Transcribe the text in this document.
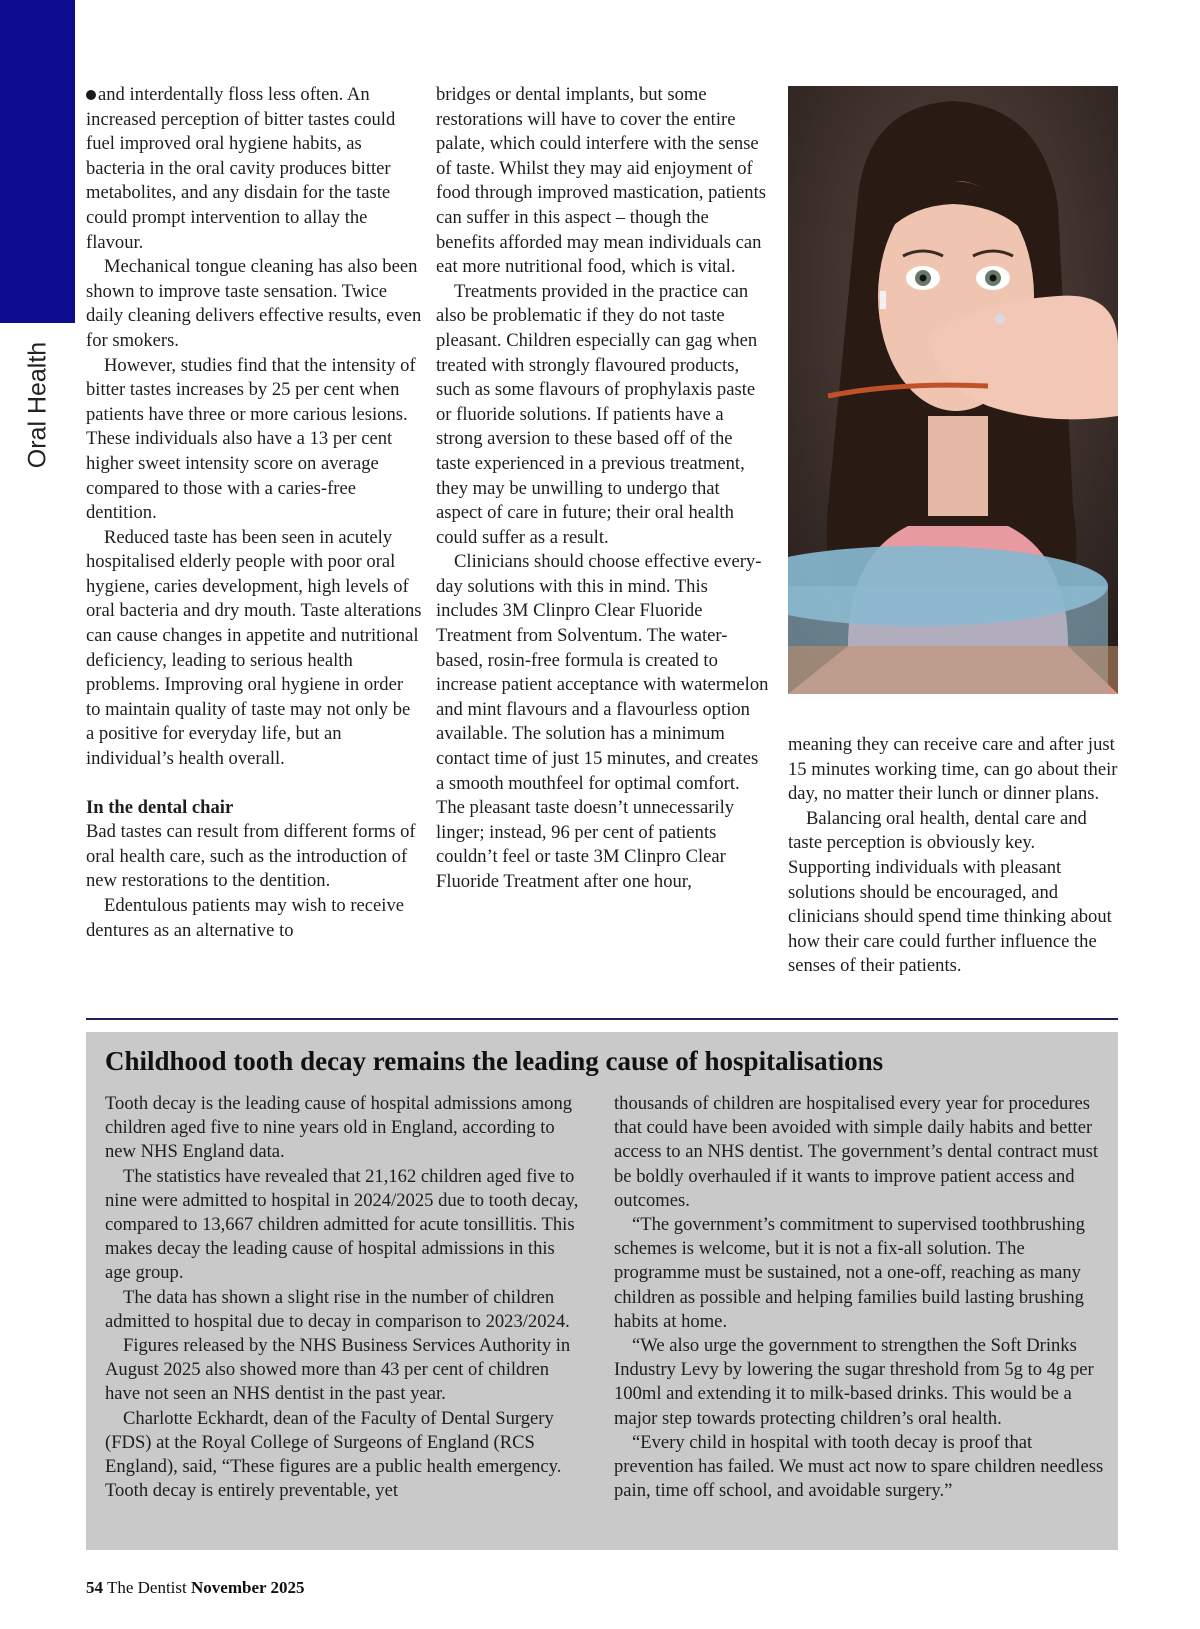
Oral Health

and interdentally floss less often. An increased perception of bitter tastes could fuel improved oral hygiene habits, as bacteria in the oral cavity produces bitter metabolites, and any disdain for the taste could prompt intervention to allay the flavour.

Mechanical tongue cleaning has also been shown to improve taste sensation. Twice daily cleaning delivers effective results, even for smokers.

However, studies find that the intensity of bitter tastes increases by 25 per cent when patients have three or more carious lesions. These individuals also have a 13 per cent higher sweet intensity score on average compared to those with a caries-free dentition.

Reduced taste has been seen in acutely hospitalised elderly people with poor oral hygiene, caries development, high levels of oral bacteria and dry mouth. Taste alterations can cause changes in appetite and nutritional deficiency, leading to serious health problems. Improving oral hygiene in order to maintain quality of taste may not only be a positive for everyday life, but an individual’s health overall.

In the dental chair

Bad tastes can result from different forms of oral health care, such as the introduction of new restorations to the dentition.

Edentulous patients may wish to receive dentures as an alternative to

bridges or dental implants, but some restorations will have to cover the entire palate, which could interfere with the sense of taste. Whilst they may aid enjoyment of food through improved mastication, patients can suffer in this aspect – though the benefits afforded may mean individuals can eat more nutritional food, which is vital.

Treatments provided in the practice can also be problematic if they do not taste pleasant. Children especially can gag when treated with strongly flavoured products, such as some flavours of prophylaxis paste or fluoride solutions. If patients have a strong aversion to these based off of the taste experienced in a previous treatment, they may be unwilling to undergo that aspect of care in future; their oral health could suffer as a result.

Clinicians should choose effective every-day solutions with this in mind. This includes 3M Clinpro Clear Fluoride Treatment from Solventum. The water-based, rosin-free formula is created to increase patient acceptance with watermelon and mint flavours and a flavourless option available. The solution has a minimum contact time of just 15 minutes, and creates a smooth mouthfeel for optimal comfort. The pleasant taste doesn’t unnecessarily linger; instead, 96 per cent of patients couldn’t feel or taste 3M Clinpro Clear Fluoride Treatment after one hour,

meaning they can receive care and after just 15 minutes working time, can go about their day, no matter their lunch or dinner plans.

Balancing oral health, dental care and taste perception is obviously key. Supporting individuals with pleasant solutions should be encouraged, and clinicians should spend time thinking about how their care could further influence the senses of their patients.

Childhood tooth decay remains the leading cause of hospitalisations

Tooth decay is the leading cause of hospital admissions among children aged five to nine years old in England, according to new NHS England data.

The statistics have revealed that 21,162 children aged five to nine were admitted to hospital in 2024/2025 due to tooth decay, compared to 13,667 children admitted for acute tonsillitis. This makes decay the leading cause of hospital admissions in this age group.

The data has shown a slight rise in the number of children admitted to hospital due to decay in comparison to 2023/2024.

Figures released by the NHS Business Services Authority in August 2025 also showed more than 43 per cent of children have not seen an NHS dentist in the past year.

Charlotte Eckhardt, dean of the Faculty of Dental Surgery (FDS) at the Royal College of Surgeons of England (RCS England), said, “These figures are a public health emergency. Tooth decay is entirely preventable, yet

thousands of children are hospitalised every year for procedures that could have been avoided with simple daily habits and better access to an NHS dentist. The government’s dental contract must be boldly overhauled if it wants to improve patient access and outcomes.

“The government’s commitment to supervised toothbrushing schemes is welcome, but it is not a fix-all solution. The programme must be sustained, not a one-off, reaching as many children as possible and helping families build lasting brushing habits at home.

“We also urge the government to strengthen the Soft Drinks Industry Levy by lowering the sugar threshold from 5g to 4g per 100ml and extending it to milk-based drinks. This would be a major step towards protecting children’s oral health.

“Every child in hospital with tooth decay is proof that prevention has failed. We must act now to spare children needless pain, time off school, and avoidable surgery.”

54 The Dentist November 2025
